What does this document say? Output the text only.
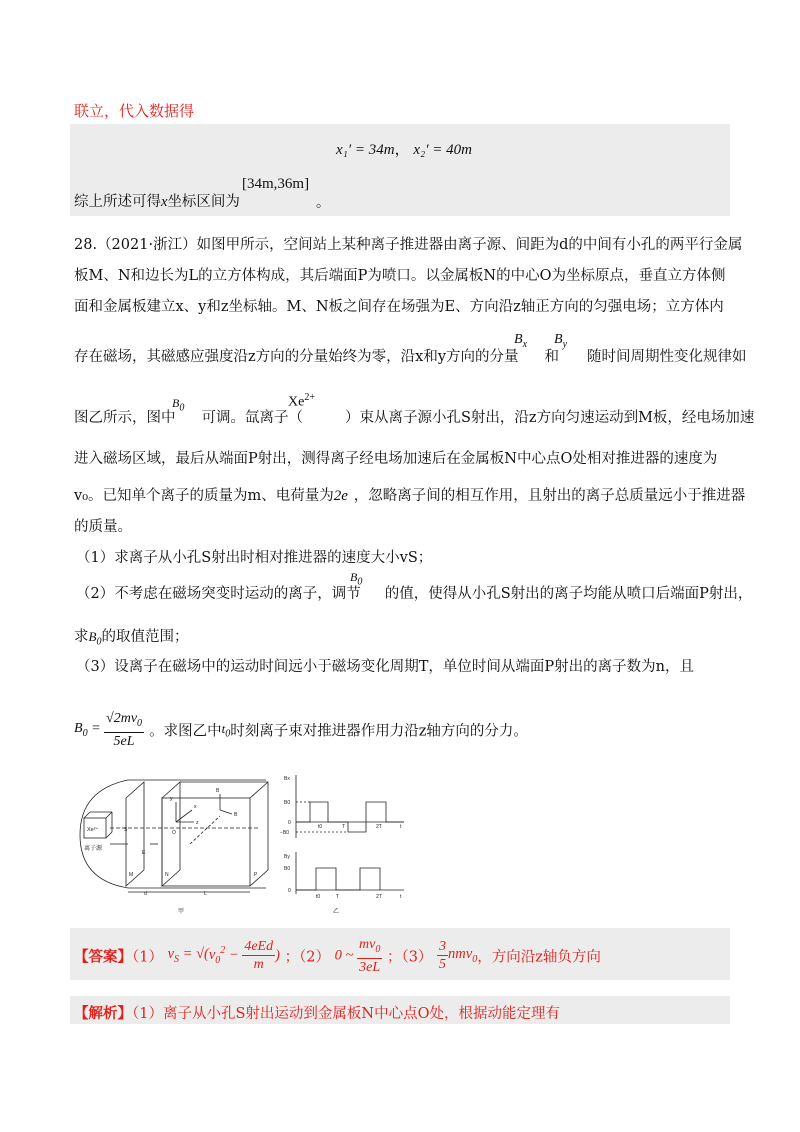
联立，代入数据得
x₁′ = 34m， x₂′ = 40m
综上所述可得x坐标区间为
[34m,36m]
。
28.（2021·浙江）如图甲所示，空间站上某种离子推进器由离子源、间距为d的中间有小孔的两平行金属
板M、N和边长为L的立方体构成，其后端面P为喷口。以金属板N的中心O为坐标原点，垂直立方体侧
面和金属板建立x、y和z坐标轴。M、N板之间存在场强为E、方向沿z轴正方向的匀强电场；立方体内
存在磁场，其磁感应强度沿z方向的分量始终为零，沿x和y方向的分量 和 随时间周期性变化规律如
$B_x$ $B_y$
图乙所示，图中 可调。氙离子（	）束从离子源小孔S射出，沿z方向匀速运动到M板，经电场加速
$B_0$	$Xe^{2+}$
进入磁场区域，最后从端面P射出，测得离子经电场加速后在金属板N中心点O处相对推进器的速度为
v₀。已知单个离子的质量为m、电荷量为2e ，忽略离子间的相互作用，且射出的离子总质量远小于推进器
的质量。
（1）求离子从小孔S射出时相对推进器的速度大小vS；
（2）不考虑在磁场突变时运动的离子，调节 的值，使得从小孔S射出的离子均能从喷口后端面P射出，
$B_0$
求$B_0$的取值范围；
（3）设离子在磁场中的运动时间远小于磁场变化周期T，单位时间从端面P射出的离子数为n，且
$B_0 = \frac{√2mv_0}{5eL}$ 。求图乙中$t_0$时刻离子束对推进器作用力沿z轴方向的分力。
Xe²⁺
离子源
x
y
z
B
B
O
E
M	N	P
d	L
S
甲
Bx
B0
0
−B0
t0	T	2T	t
By
B0
0
t0	T	2T	t
乙
【答案】（1） $v_S = √(v_0^2 - \frac{\text{4eEd}}{m}$ ) ；（2） 0 ~ $\frac{mv_0}{3eL}$ ；$(3) \frac{3}{5} nmv_0$，方向沿z轴负方向
【解析】（1）离子从小孔S射出运动到金属板N中心点O处，根据动能定理有
